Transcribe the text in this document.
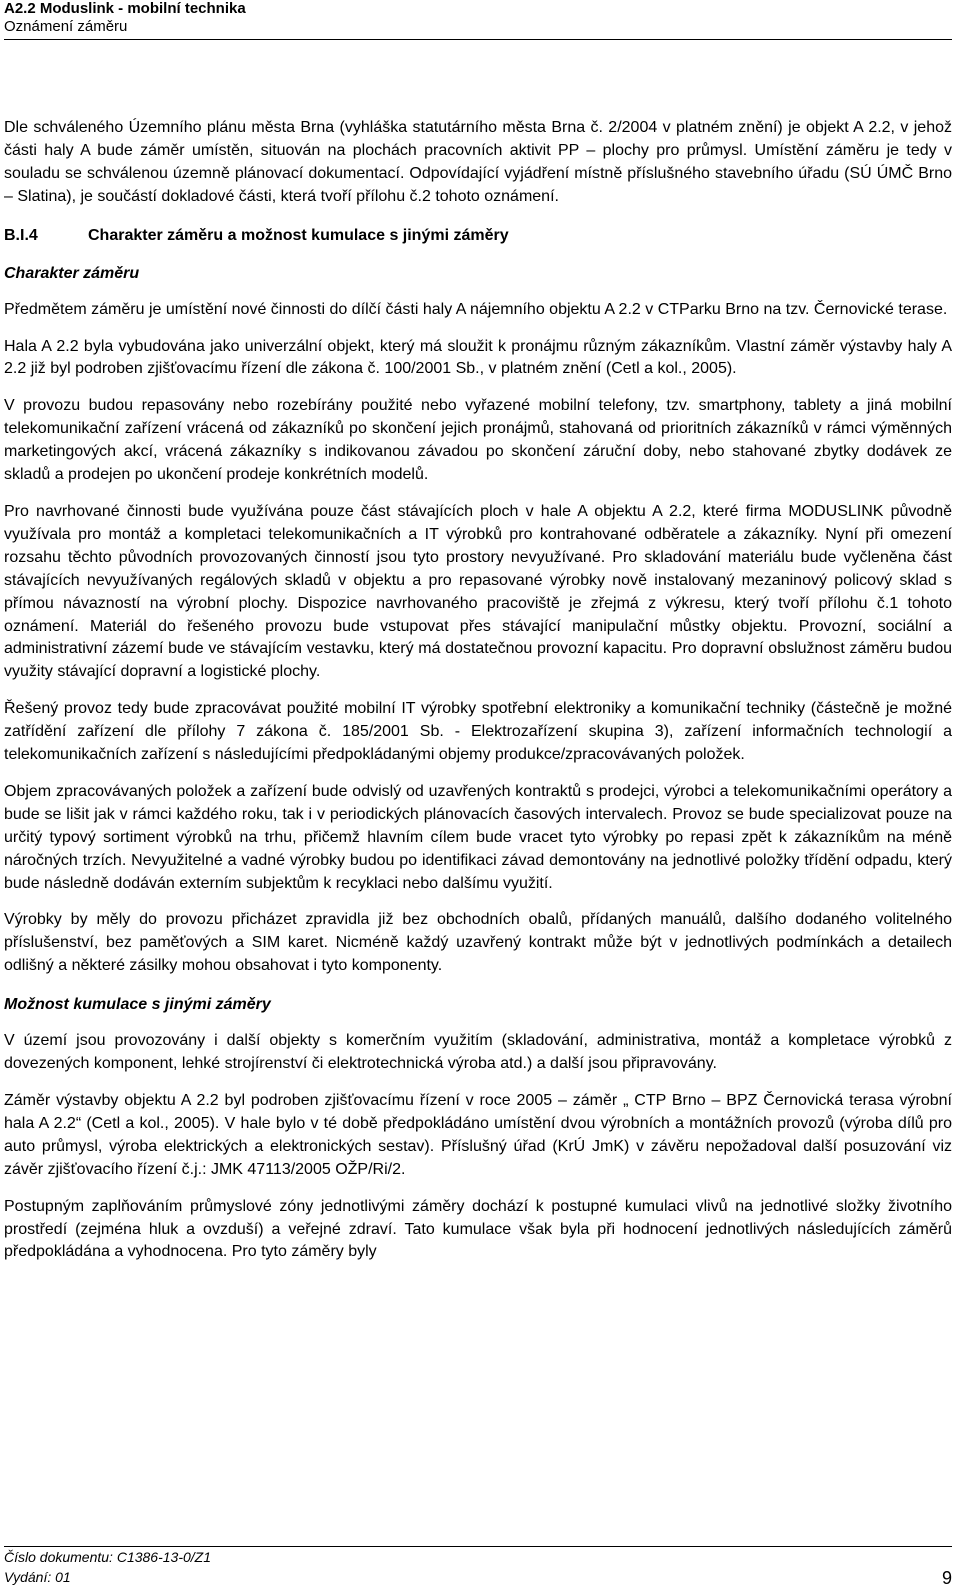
A2.2 Moduslink - mobilní technika
Oznámení záměru

Dle schváleného Územního plánu města Brna (vyhláška statutárního města Brna č. 2/2004 v platném znění) je objekt A 2.2, v jehož části haly A bude záměr umístěn, situován na plochách pracovních aktivit PP – plochy pro průmysl. Umístění záměru je tedy v souladu se schválenou územně plánovací dokumentací. Odpovídající vyjádření místně příslušného stavebního úřadu (SÚ ÚMČ Brno – Slatina), je součástí dokladové části, která tvoří přílohu č.2 tohoto oznámení.

B.I.4	Charakter záměru a možnost kumulace s jinými záměry
Charakter záměru

Předmětem záměru je umístění nové činnosti do dílčí části haly A nájemního objektu A 2.2 v CTParku Brno na tzv. Černovické terase.

Hala A 2.2 byla vybudována jako univerzální objekt, který má sloužit k pronájmu různým zákazníkům. Vlastní záměr výstavby haly A 2.2 již byl podroben zjišťovacímu řízení dle zákona č. 100/2001 Sb., v platném znění (Cetl a kol., 2005).

V provozu budou repasovány nebo rozebírány použité nebo vyřazené mobilní telefony, tzv. smartphony, tablety a jiná mobilní telekomunikační zařízení vrácená od zákazníků po skončení jejich pronájmů, stahovaná od prioritních zákazníků v rámci výměnných marketingových akcí, vrácená zákazníky s indikovanou závadou po skončení záruční doby, nebo stahované zbytky dodávek ze skladů a prodejen po ukončení prodeje konkrétních modelů.

Pro navrhované činnosti bude využívána pouze část stávajících ploch v hale A objektu A 2.2, které firma MODUSLINK původně využívala pro montáž a kompletaci telekomunikačních a IT výrobků pro kontrahované odběratele a zákazníky. Nyní při omezení rozsahu těchto původních provozovaných činností jsou tyto prostory nevyužívané. Pro skladování materiálu bude vyčleněna část stávajících nevyužívaných regálových skladů v objektu a pro repasované výrobky nově instalovaný mezaninový policový sklad s přímou návazností na výrobní plochy. Dispozice navrhovaného pracoviště je zřejmá z výkresu, který tvoří přílohu č.1 tohoto oznámení. Materiál do řešeného provozu bude vstupovat přes stávající manipulační můstky objektu. Provozní, sociální a administrativní zázemí bude ve stávajícím vestavku, který má dostatečnou provozní kapacitu. Pro dopravní obslužnost záměru budou využity stávající dopravní a logistické plochy.

Řešený provoz tedy bude zpracovávat použité mobilní IT výrobky spotřební elektroniky a komunikační techniky (částečně je možné zatřídění zařízení dle přílohy 7 zákona č. 185/2001 Sb. - Elektrozařízení skupina 3), zařízení informačních technologií a telekomunikačních zařízení s následujícími předpokládanými objemy produkce/zpracovávaných položek.

Objem zpracovávaných položek a zařízení bude odvislý od uzavřených kontraktů s prodejci, výrobci a telekomunikačními operátory a bude se lišit jak v rámci každého roku, tak i v periodických plánovacích časových intervalech. Provoz se bude specializovat pouze na určitý typový sortiment výrobků na trhu, přičemž hlavním cílem bude vracet tyto výrobky po repasi zpět k zákazníkům na méně náročných trzích. Nevyužitelné a vadné výrobky budou po identifikaci závad demontovány na jednotlivé položky třídění odpadu, který bude následně dodáván externím subjektům k recyklaci nebo dalšímu využití.

Výrobky by měly do provozu přicházet zpravidla již bez obchodních obalů, přídaných manuálů, dalšího dodaného volitelného příslušenství, bez paměťových a SIM karet. Nicméně každý uzavřený kontrakt může být v jednotlivých podmínkách a detailech odlišný a některé zásilky mohou obsahovat i tyto komponenty.

Možnost kumulace s jinými záměry

V území jsou provozovány i další objekty s komerčním využitím (skladování, administrativa, montáž a kompletace výrobků z dovezených komponent, lehké strojírenství či elektrotechnická výroba atd.) a další jsou připravovány.

Záměr výstavby objektu A 2.2 byl podroben zjišťovacímu řízení v roce 2005 – záměr „ CTP Brno – BPZ Černovická terasa výrobní hala A 2.2“ (Cetl a kol., 2005). V hale bylo v té době předpokládáno umístění dvou výrobních a montážních provozů (výroba dílů pro auto průmysl, výroba elektrických a elektronických sestav). Příslušný úřad (KrÚ JmK) v závěru nepožadoval další posuzování viz závěr zjišťovacího řízení č.j.: JMK 47113/2005 OŽP/Ri/2.

Postupným zaplňováním průmyslové zóny jednotlivými záměry dochází k postupné kumulaci vlivů na jednotlivé složky životního prostředí (zejména hluk a ovzduší) a veřejné zdraví. Tato kumulace však byla při hodnocení jednotlivých následujících záměrů předpokládána a vyhodnocena. Pro tyto záměry byly

Číslo dokumentu: C1386-13-0/Z1
Vydání: 01	9
